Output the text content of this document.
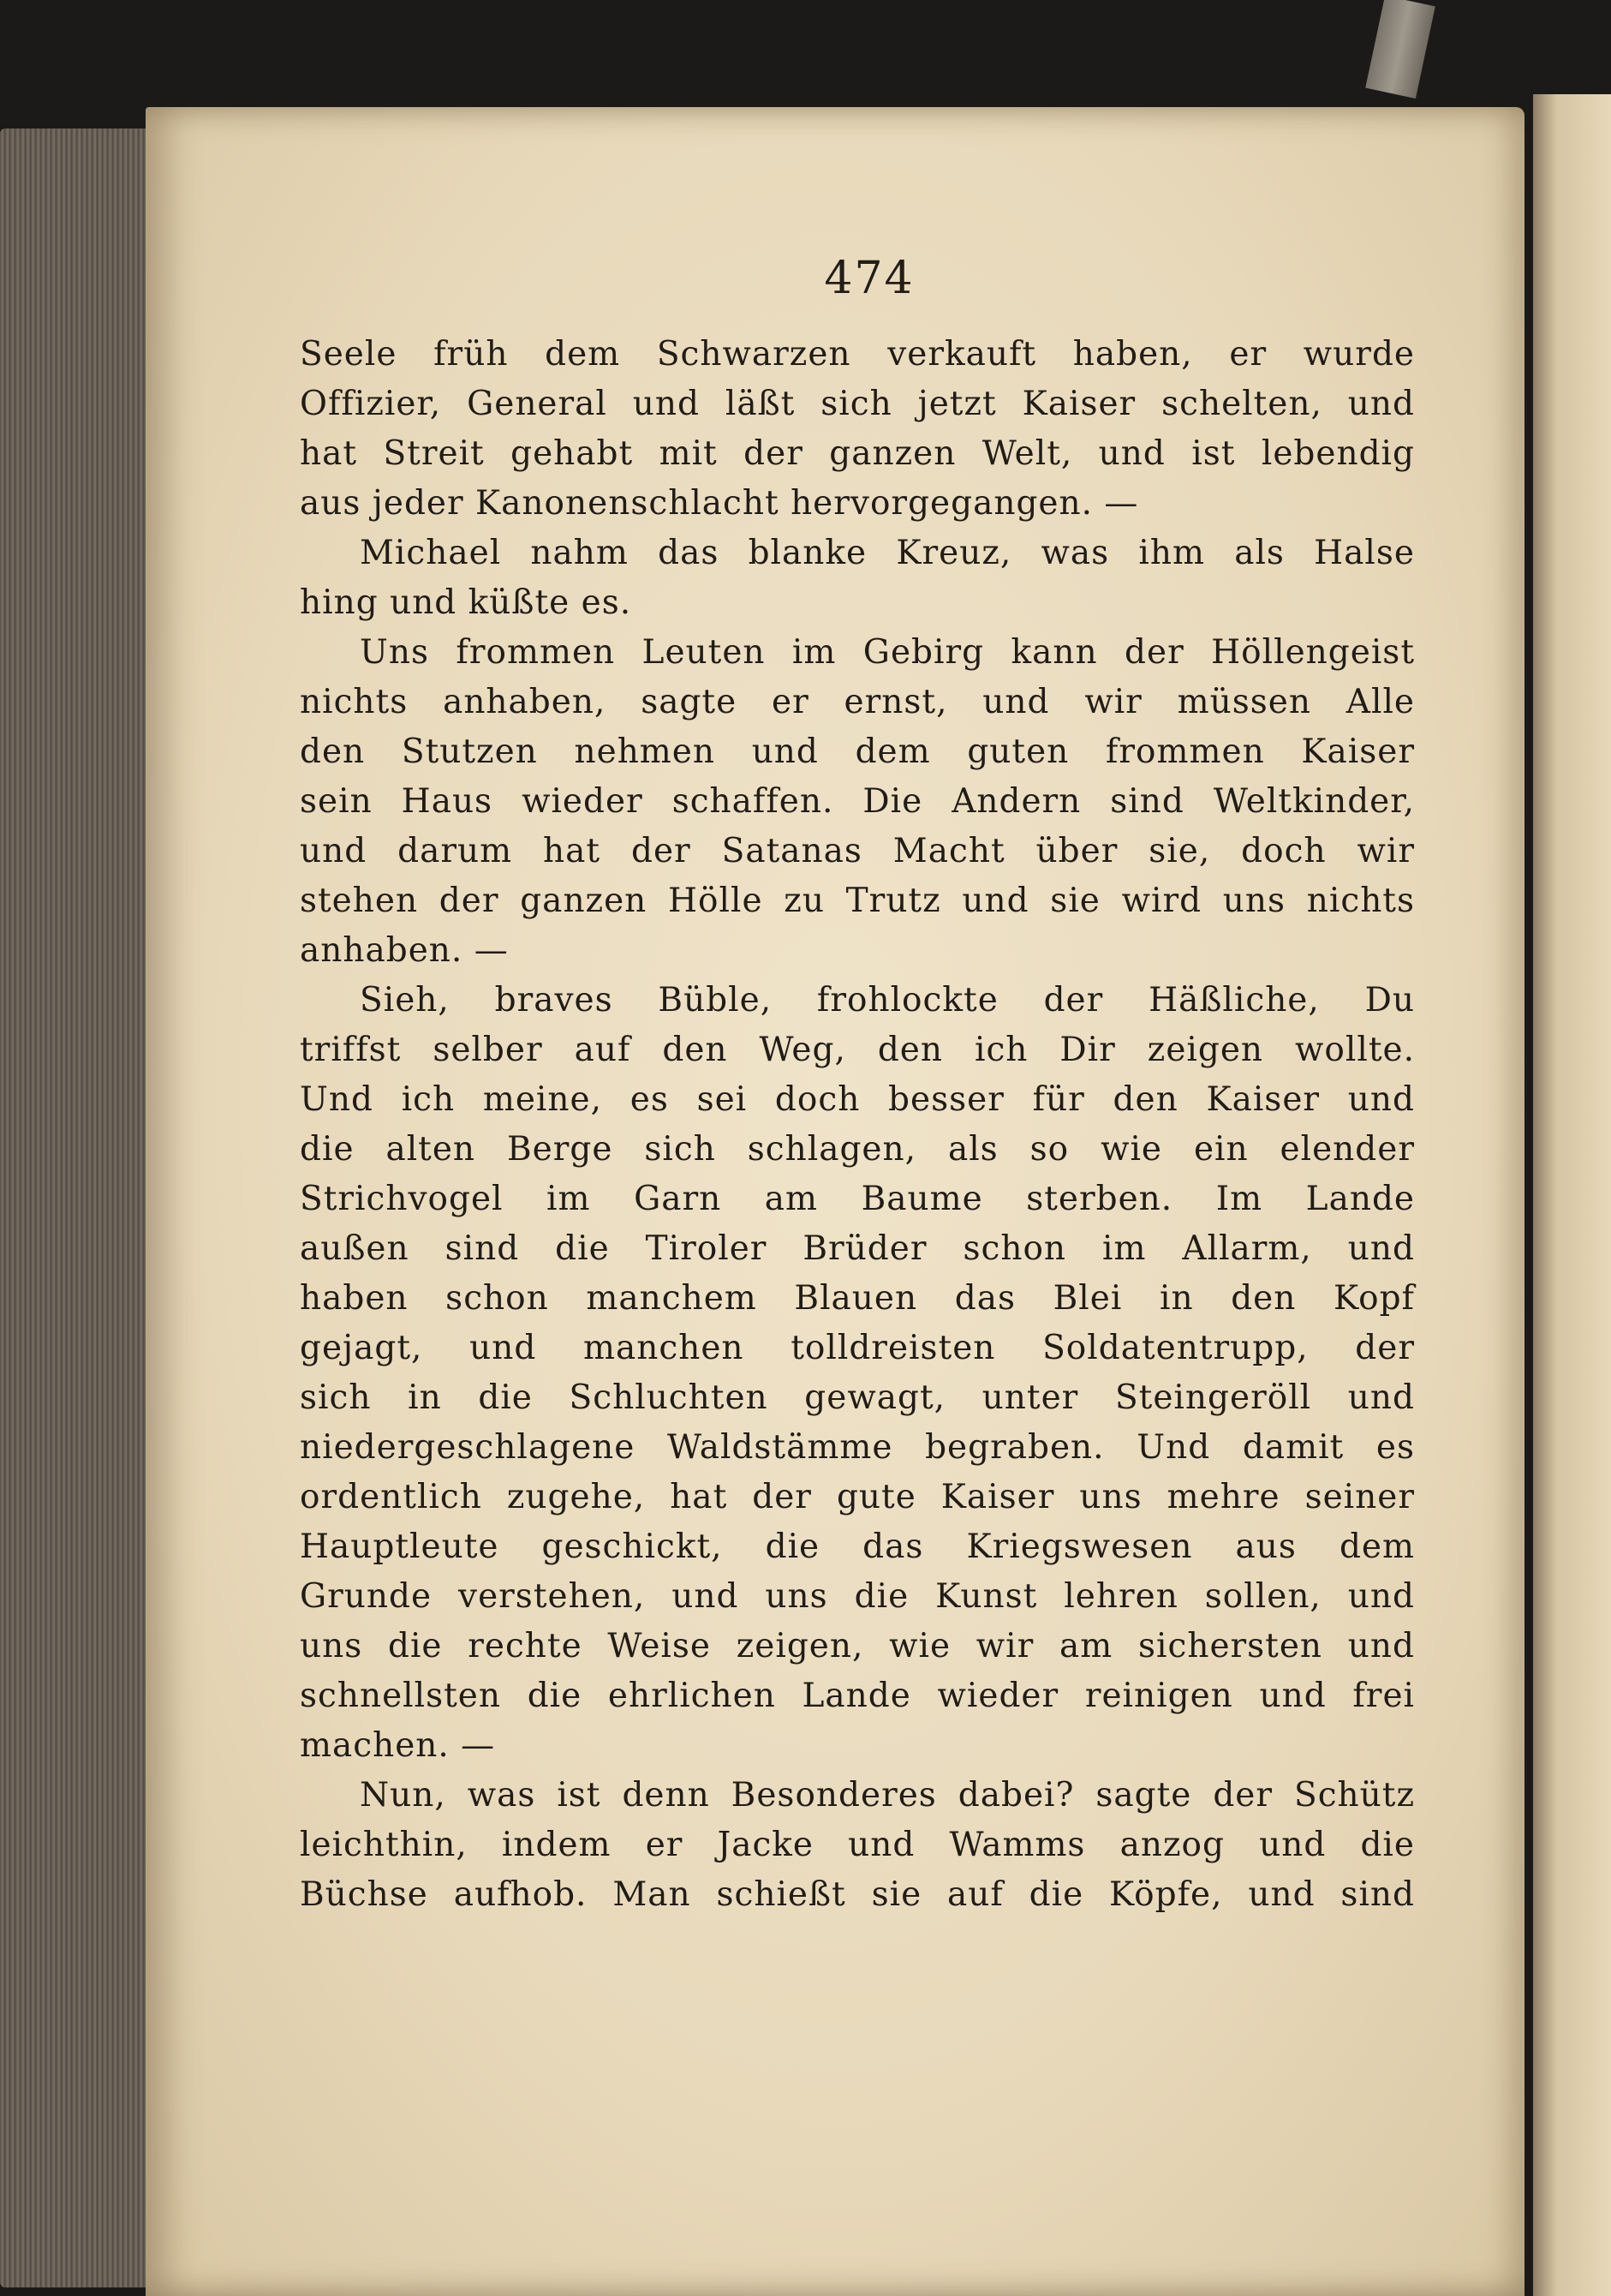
474
Seele früh dem Schwarzen verkauft haben, er wurde
Offizier, General und läßt sich jetzt Kaiser schelten, und
hat Streit gehabt mit der ganzen Welt, und ist lebendig
aus jeder Kanonenschlacht hervorgegangen. —
Michael nahm das blanke Kreuz, was ihm als Halse
hing und küßte es.
Uns frommen Leuten im Gebirg kann der Höllengeist
nichts anhaben, sagte er ernst, und wir müssen Alle
den Stutzen nehmen und dem guten frommen Kaiser
sein Haus wieder schaffen. Die Andern sind Weltkinder,
und darum hat der Satanas Macht über sie, doch wir
stehen der ganzen Hölle zu Trutz und sie wird uns nichts
anhaben. —
Sieh, braves Büble, frohlockte der Häßliche, Du
triffst selber auf den Weg, den ich Dir zeigen wollte.
Und ich meine, es sei doch besser für den Kaiser und
die alten Berge sich schlagen, als so wie ein elender
Strichvogel im Garn am Baume sterben. Im Lande
außen sind die Tiroler Brüder schon im Allarm, und
haben schon manchem Blauen das Blei in den Kopf
gejagt, und manchen tolldreisten Soldatentrupp, der
sich in die Schluchten gewagt, unter Steingeröll und
niedergeschlagene Waldstämme begraben. Und damit es
ordentlich zugehe, hat der gute Kaiser uns mehre seiner
Hauptleute geschickt, die das Kriegswesen aus dem
Grunde verstehen, und uns die Kunst lehren sollen, und
uns die rechte Weise zeigen, wie wir am sichersten und
schnellsten die ehrlichen Lande wieder reinigen und frei
machen. —
Nun, was ist denn Besonderes dabei? sagte der Schütz
leichthin, indem er Jacke und Wamms anzog und die
Büchse aufhob. Man schießt sie auf die Köpfe, und sind
